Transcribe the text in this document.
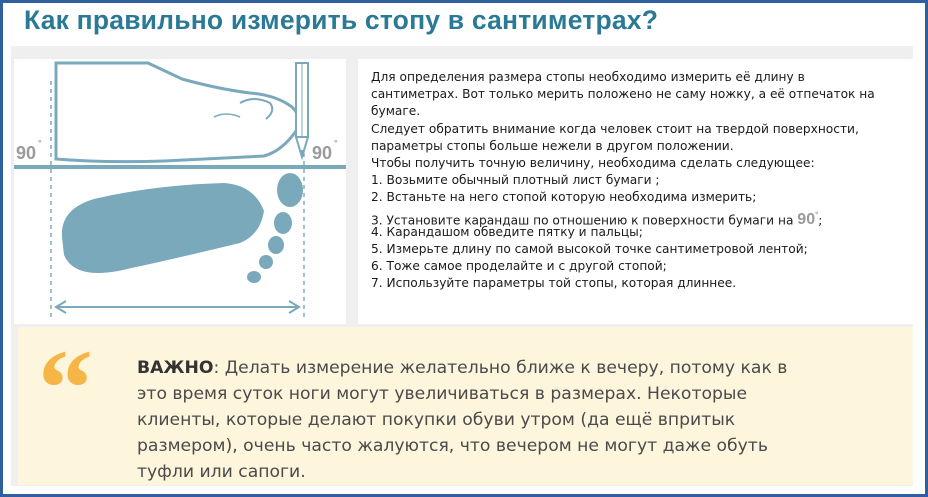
Как правильно измерить стопу в сантиметрах?
90 °	90 °
Для определения размера стопы необходимо измерить её длину в
сантиметрах. Вот только мерить положено не саму ножку, а её отпечаток на
бумаге.
Следует обратить внимание когда человек стоит на твердой поверхности,
параметры стопы больше нежели в другом положении.
Чтобы получить точную величину, необходима сделать следующее:
1. Возьмите обычный плотный лист бумаги ;
2. Встаньте на него стопой которую необходима измерить;
3. Установите карандаш по отношению к поверхности бумаги на 90°;
4. Карандашом обведите пятку и пальцы;
5. Измерьте длину по самой высокой точке сантиметровой лентой;
6. Тоже самое проделайте и с другой стопой;
7. Используйте параметры той стопы, которая длиннее.
“	ВАЖНО: Делать измерение желательно ближе к вечеру, потому как в
это время суток ноги могут увеличиваться в размерах. Некоторые
клиенты, которые делают покупки обуви утром (да ещё впритык
размером), очень часто жалуются, что вечером не могут даже обуть
туфли или сапоги.
